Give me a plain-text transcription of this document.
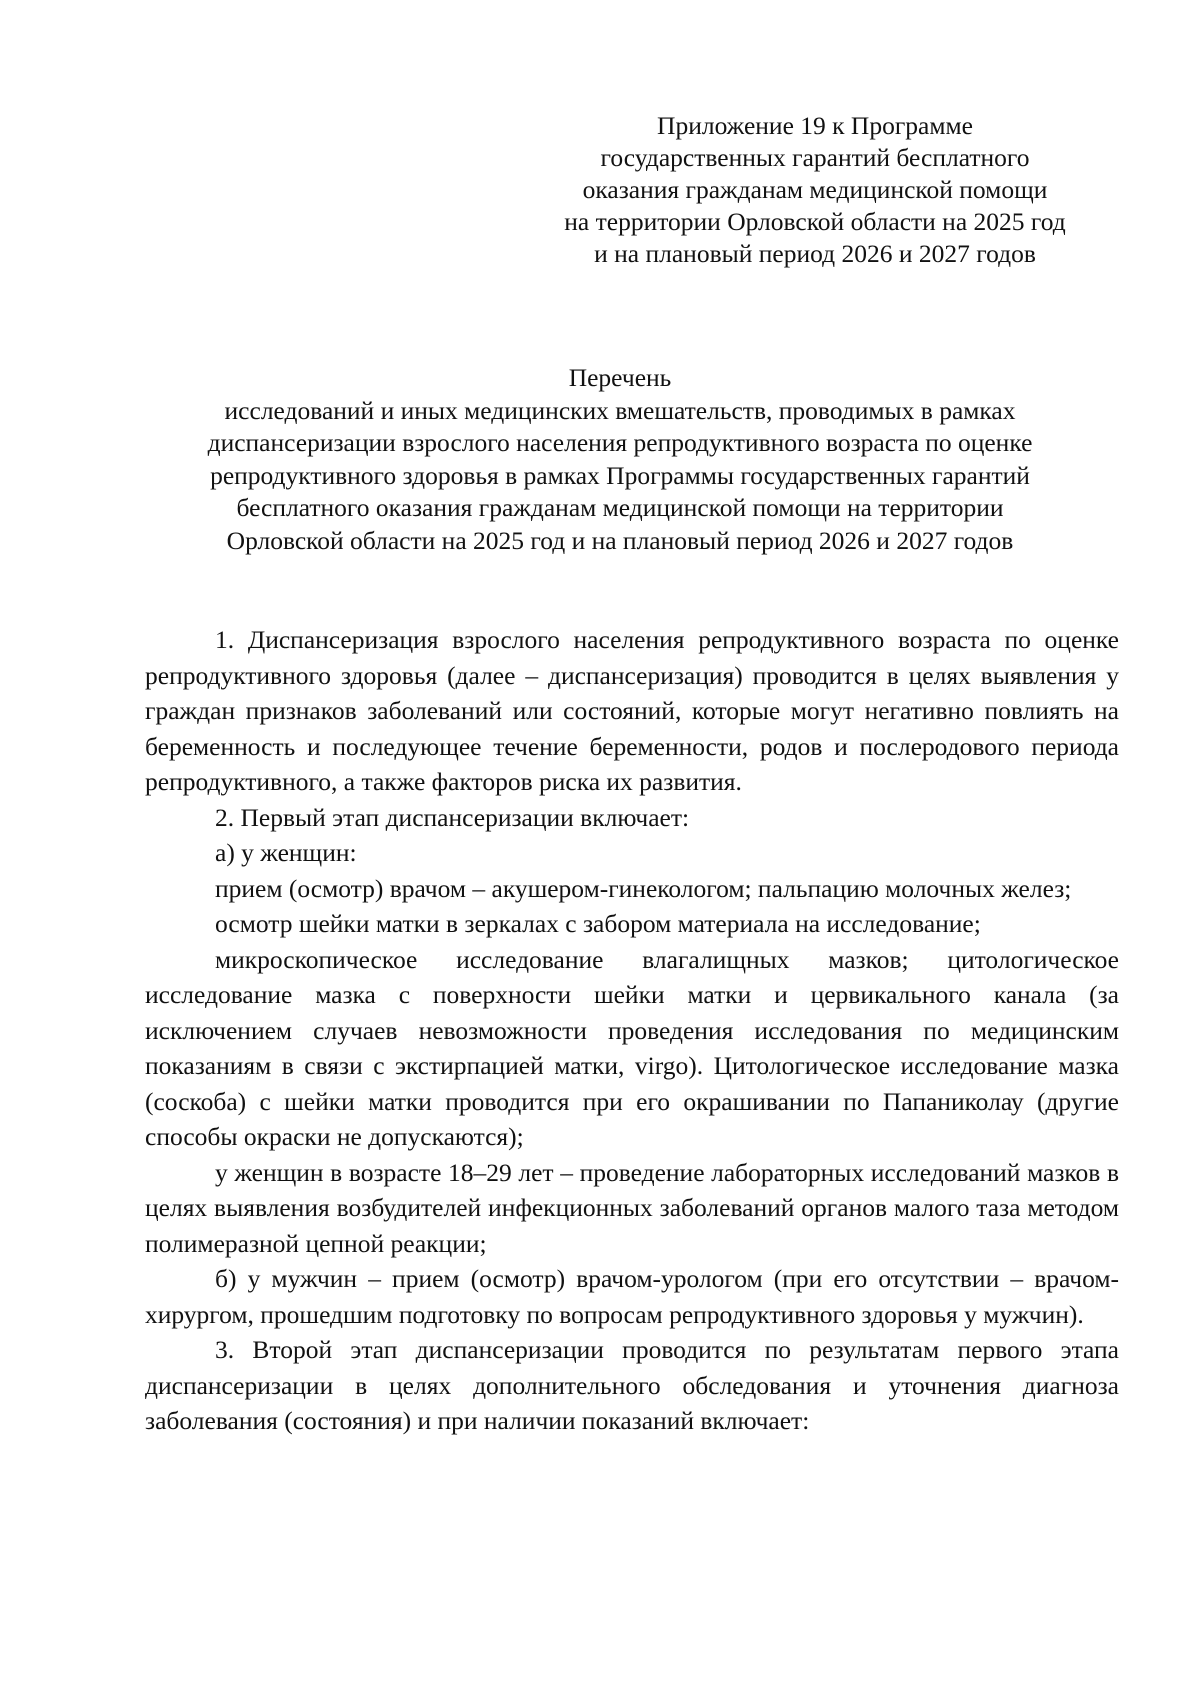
Приложение 19 к Программе
государственных гарантий бесплатного
оказания гражданам медицинской помощи
на территории Орловской области на 2025 год
и на плановый период 2026 и 2027 годов
Перечень
исследований и иных медицинских вмешательств, проводимых в рамках
диспансеризации взрослого населения репродуктивного возраста по оценке
репродуктивного здоровья в рамках Программы государственных гарантий
бесплатного оказания гражданам медицинской помощи на территории
Орловской области на 2025 год и на плановый период 2026 и 2027 годов

1. Диспансеризация взрослого населения репродуктивного возраста по оценке репродуктивного здоровья (далее – диспансеризация) проводится в целях выявления у граждан признаков заболеваний или состояний, которые могут негативно повлиять на беременность и последующее течение беременности, родов и послеродового периода репродуктивного, а также факторов риска их развития.

2. Первый этап диспансеризации включает:

а) у женщин:

прием (осмотр) врачом – акушером-гинекологом; пальпацию молочных желез;

осмотр шейки матки в зеркалах с забором материала на исследование;

микроскопическое исследование влагалищных мазков; цитологическое исследование мазка с поверхности шейки матки и цервикального канала (за исключением случаев невозможности проведения исследования по медицинским показаниям в связи с экстирпацией матки, virgo). Цитологическое исследование мазка (соскоба) с шейки матки проводится при его окрашивании по Папаниколау (другие способы окраски не допускаются);

у женщин в возрасте 18–29 лет – проведение лабораторных исследований мазков в целях выявления возбудителей инфекционных заболеваний органов малого таза методом полимеразной цепной реакции;

б) у мужчин – прием (осмотр) врачом-урологом (при его отсутствии – врачом-хирургом, прошедшим подготовку по вопросам репродуктивного здоровья у мужчин).

3. Второй этап диспансеризации проводится по результатам первого этапа диспансеризации в целях дополнительного обследования и уточнения диагноза заболевания (состояния) и при наличии показаний включает:
